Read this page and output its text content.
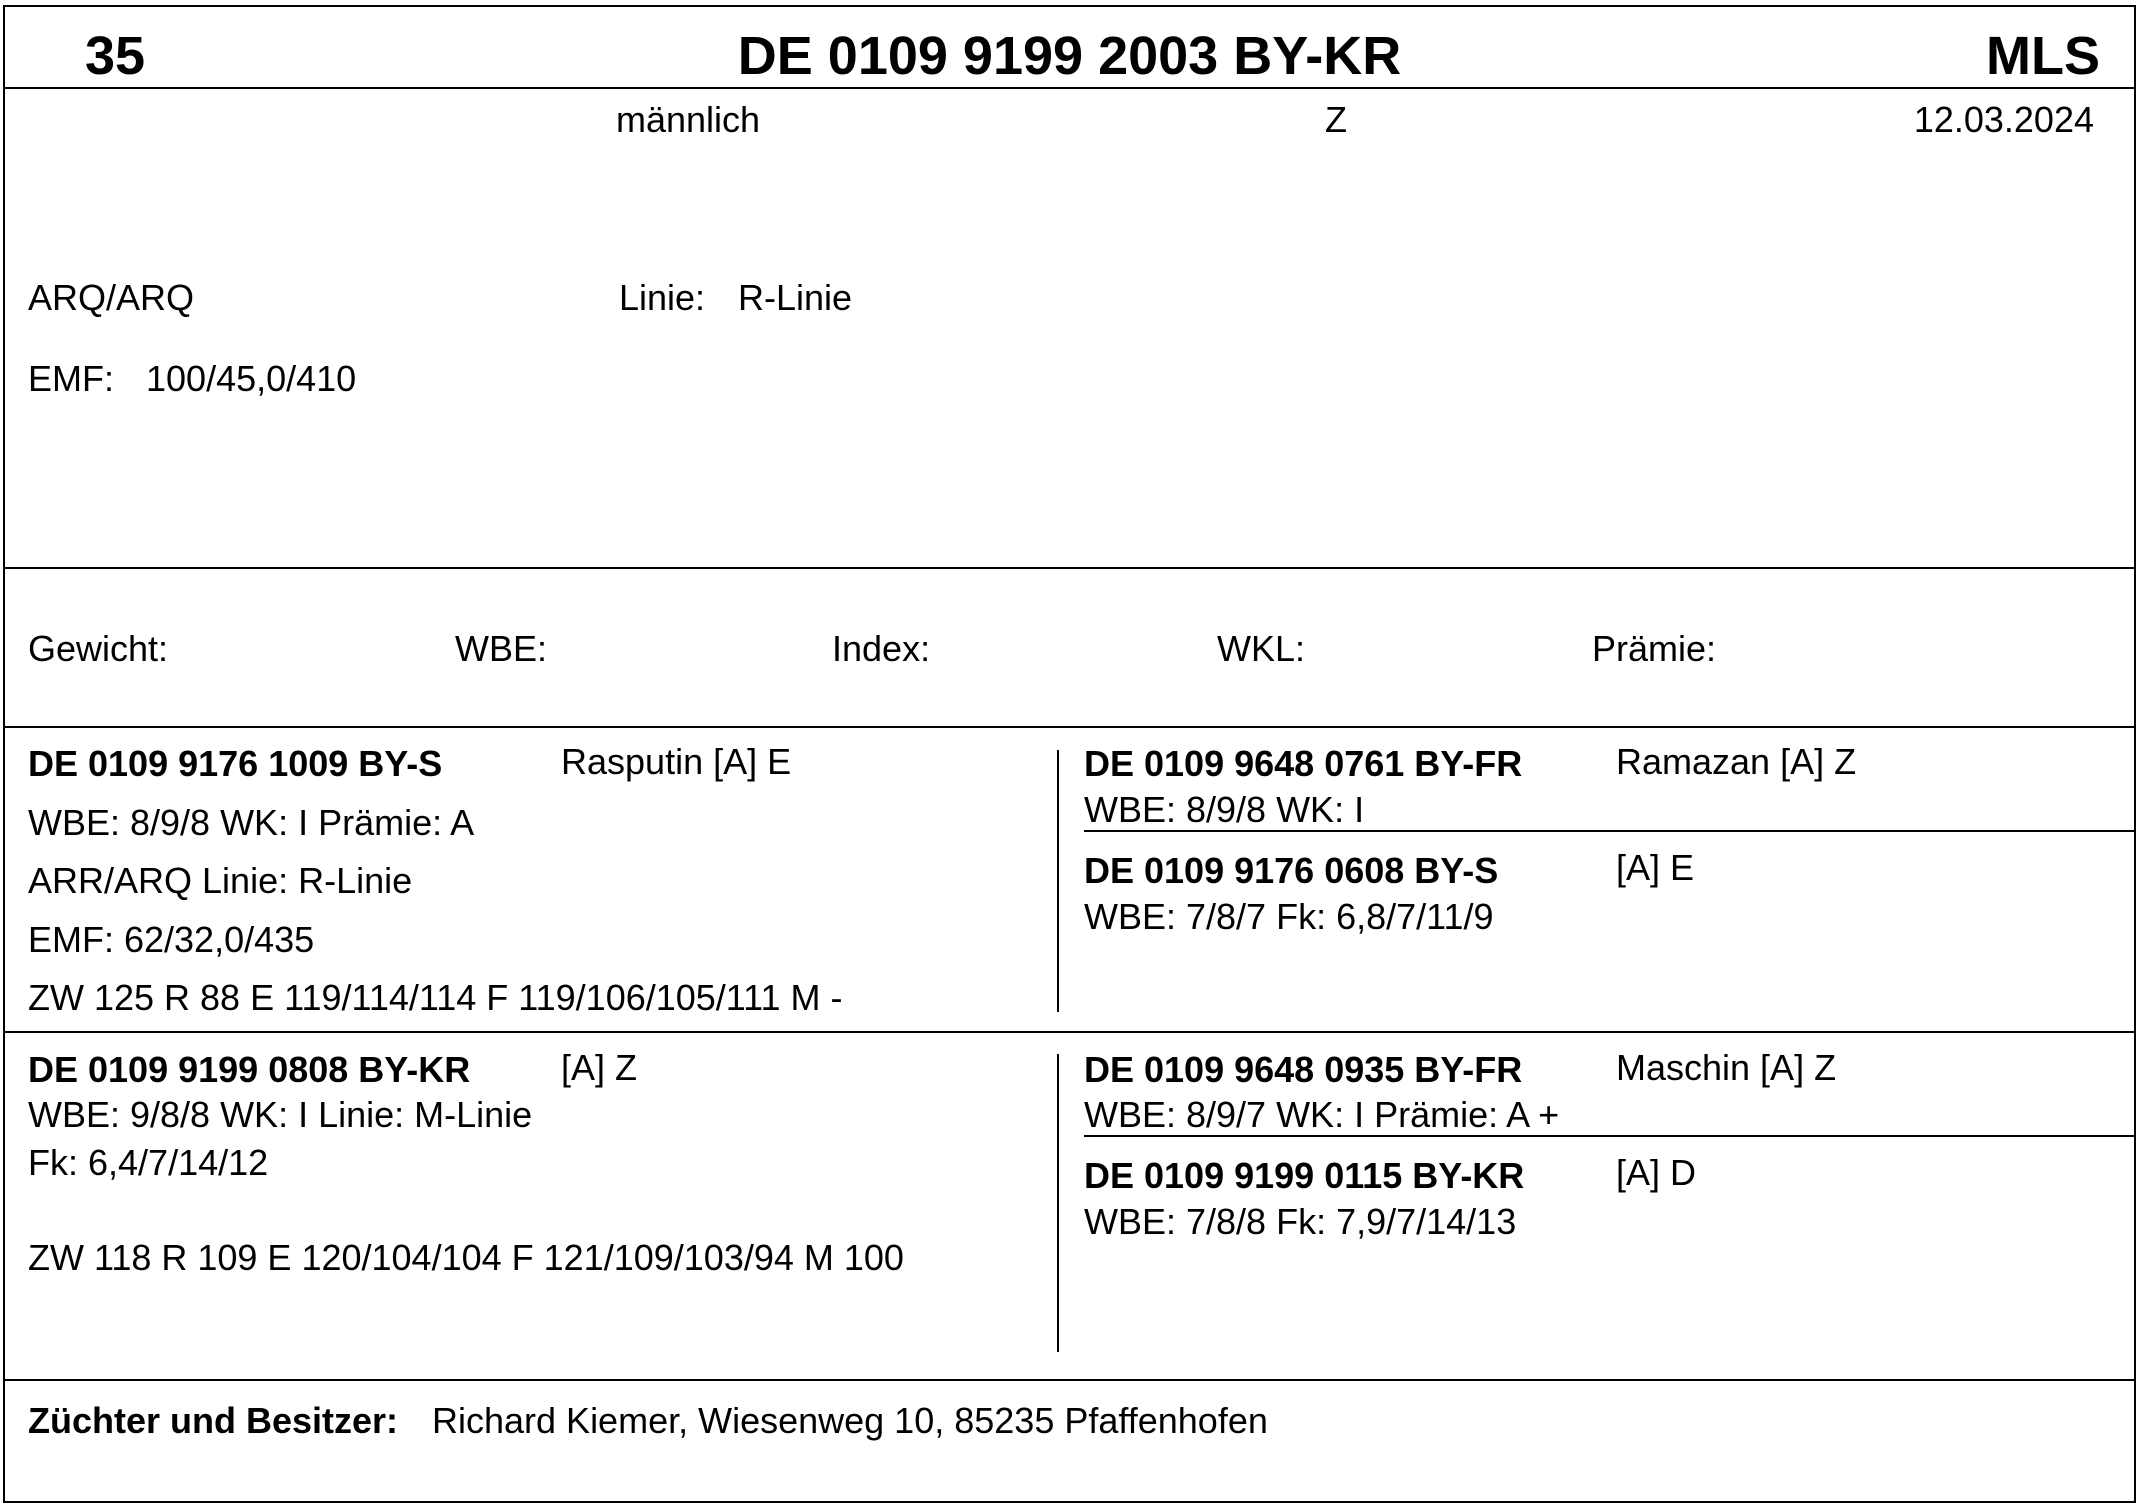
35	DE 0109 9199 2003 BY-KR	MLS
männlich	Z	12.03.2024
ARQ/ARQ	Linie: R-Linie
EMF: 100/45,0/410
Gewicht:	WBE:	Index:	WKL:	Prämie:
DE 0109 9176 1009 BY-S	Rasputin [A] E
WBE: 8/9/8 WK: I Prämie: A
ARR/ARQ Linie: R-Linie
EMF: 62/32,0/435
ZW 125 R 88 E 119/114/114 F 119/106/105/111 M -
DE 0109 9648 0761 BY-FR	Ramazan [A] Z
WBE: 8/9/8 WK: I
DE 0109 9176 0608 BY-S	[A] E
WBE: 7/8/7 Fk: 6,8/7/11/9
DE 0109 9199 0808 BY-KR	[A] Z
WBE: 9/8/8 WK: I Linie: M-Linie
Fk: 6,4/7/14/12
ZW 118 R 109 E 120/104/104 F 121/109/103/94 M 100
DE 0109 9648 0935 BY-FR	Maschin [A] Z
WBE: 8/9/7 WK: I Prämie: A +
DE 0109 9199 0115 BY-KR	[A] D
WBE: 7/8/8 Fk: 7,9/7/14/13
Züchter und Besitzer: Richard Kiemer, Wiesenweg 10, 85235 Pfaffenhofen
